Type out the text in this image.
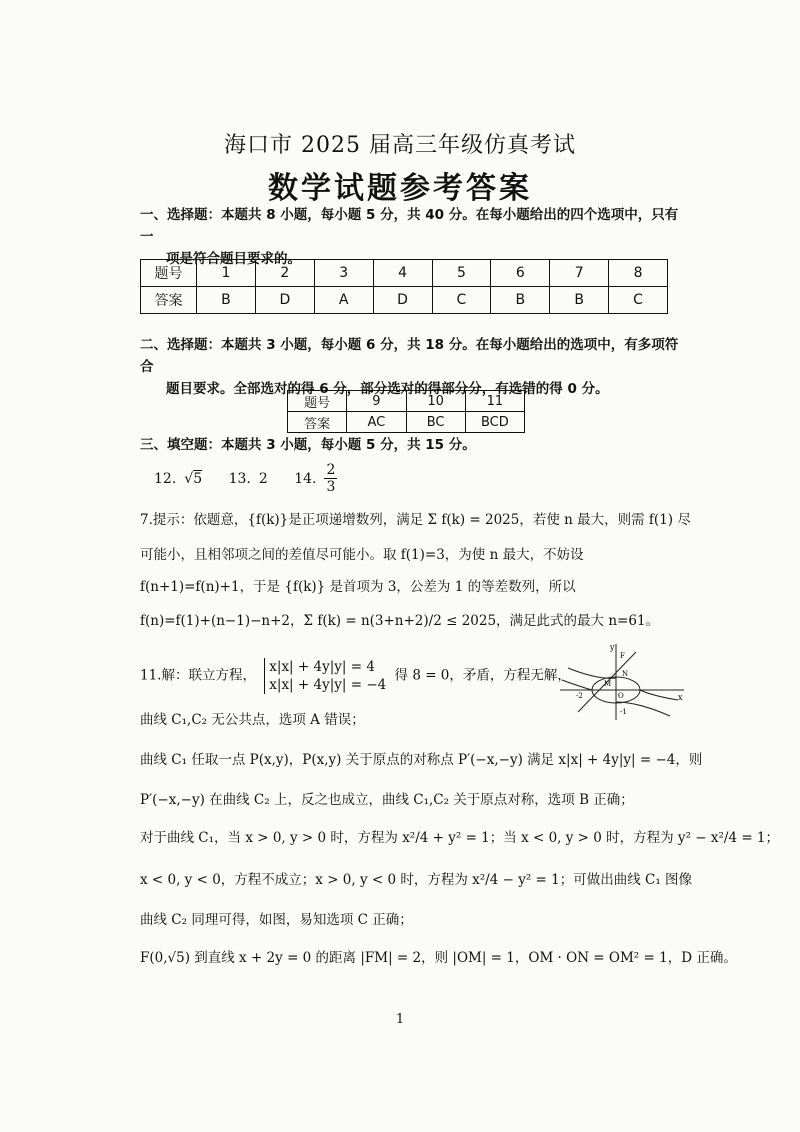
海口市 2025 届高三年级仿真考试
数学试题参考答案
一、选择题：本题共 8 小题，每小题 5 分，共 40 分。在每小题给出的四个选项中，只有一

项是符合题目要求的。
题号	1	2	3	4	5	6	7	8
答案	B	D	A	D	C	B	B	C
二、选择题：本题共 3 小题，每小题 6 分，共 18 分。在每小题给出的选项中，有多项符合

题目要求。全部选对的得 6 分，部分选对的得部分分，有选错的得 0 分。
题号	9	10	11
答案	AC	BC	BCD
三、填空题：本题共 3 小题，每小题 5 分，共 15 分。
12. √5 13. 2 14. $\frac{2}{3}$
7.提示：依题意，{f(k)}是正项递增数列，满足 Σ f(k) = 2025，若使 n 最大，则需 f(1) 尽
可能小，且相邻项之间的差值尽可能小。取 f(1)=3，为使 n 最大，不妨设
f(n+1)=f(n)+1，于是 {f(k)} 是首项为 3，公差为 1 的等差数列，所以
f(n)=f(1)+(n−1)−n+2，Σ f(k) = n(3+n+2)/2 ≤ 2025，满足此式的最大 n=61。
11.解：联立方程， x|x| + 4y|y| = 4
x|x| + 4y|y| = −4 得 8 = 0，矛盾，方程无解，
曲线 C₁,C₂ 无公共点，选项 A 错误；
曲线 C₁ 任取一点 P(x,y)，P(x,y) 关于原点的对称点 P′(−x,−y) 满足 x|x| + 4y|y| = −4，则
P′(−x,−y) 在曲线 C₂ 上，反之也成立，曲线 C₁,C₂ 关于原点对称，选项 B 正确；
对于曲线 C₁，当 x > 0, y > 0 时，方程为 x²/4 + y² = 1；当 x < 0, y > 0 时，方程为 y² − x²/4 = 1；
x < 0, y < 0，方程不成立；x > 0, y < 0 时，方程为 x²/4 − y² = 1；可做出曲线 C₁ 图像
曲线 C₂ 同理可得，如图，易知选项 C 正确；
F(0,√5) 到直线 x + 2y = 0 的距离 |FM| = 2，则 |OM| = 1，OM · ON = OM² = 1，D 正确。
y
x
O
M
N
F
-2
-1
1
